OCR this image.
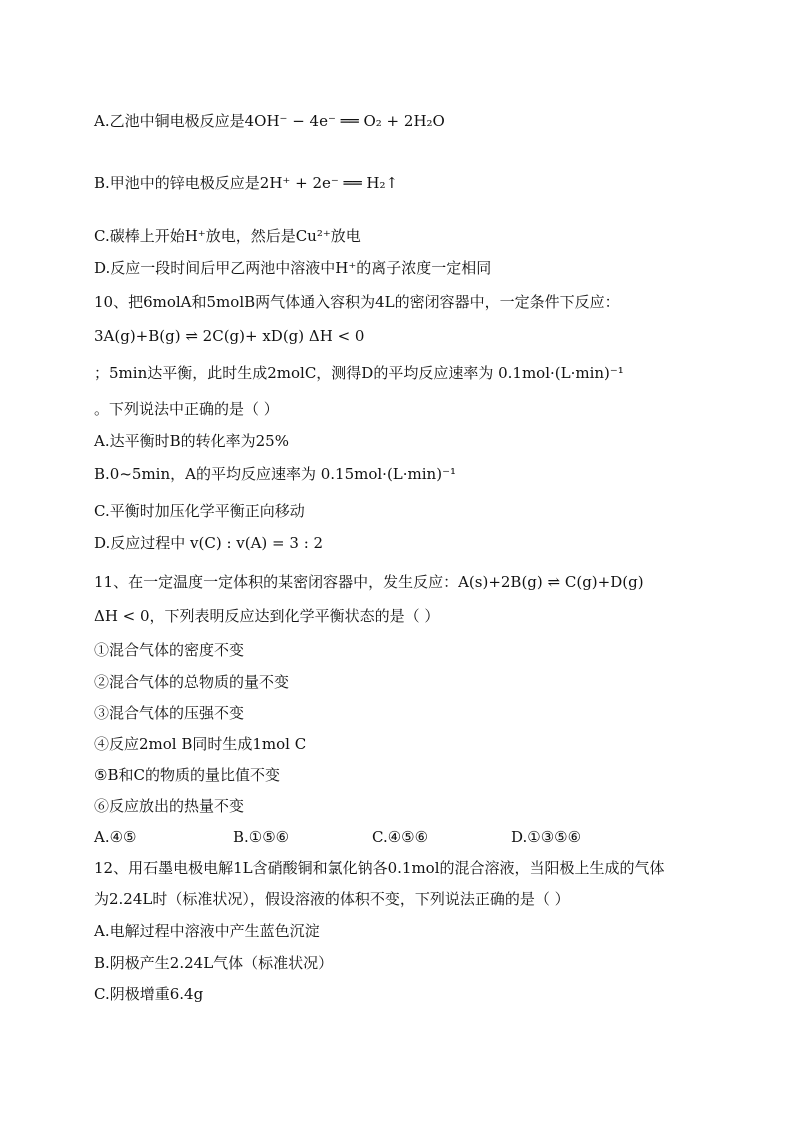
A.乙池中铜电极反应是4OH⁻ − 4e⁻ ══ O₂ + 2H₂O
B.甲池中的锌电极反应是2H⁺ + 2e⁻ ══ H₂↑
C.碳棒上开始H⁺放电，然后是Cu²⁺放电
D.反应一段时间后甲乙两池中溶液中H⁺的离子浓度一定相同
10、把6molA和5molB两气体通入容积为4L的密闭容器中，一定条件下反应：
3A(g)+B(g) ⇌ 2C(g)+ xD(g) ΔH < 0
；5min达平衡，此时生成2molC，测得D的平均反应速率为 0.1mol·(L·min)⁻¹
。下列说法中正确的是（ ）
A.达平衡时B的转化率为25%
B.0~5min，A的平均反应速率为 0.15mol·(L·min)⁻¹
C.平衡时加压化学平衡正向移动
D.反应过程中 v(C) : v(A) = 3 : 2
11、在一定温度一定体积的某密闭容器中，发生反应：A(s)+2B(g) ⇌ C(g)+D(g)
ΔH < 0，下列表明反应达到化学平衡状态的是（ ）
①混合气体的密度不变
②混合气体的总物质的量不变
③混合气体的压强不变
④反应2mol B同时生成1mol C
⑤B和C的物质的量比值不变
⑥反应放出的热量不变
A.④⑤	B.①⑤⑥	C.④⑤⑥	D.①③⑤⑥
12、用石墨电极电解1L含硝酸铜和氯化钠各0.1mol的混合溶液，当阳极上生成的气体
为2.24L时（标准状况），假设溶液的体积不变，下列说法正确的是（ ）
A.电解过程中溶液中产生蓝色沉淀
B.阴极产生2.24L气体（标准状况）
C.阴极增重6.4g
